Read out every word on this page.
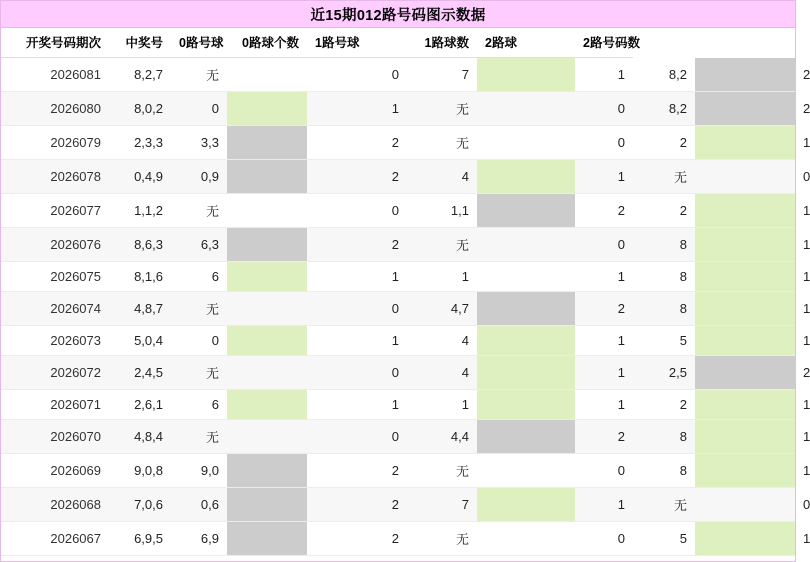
近15期012路号码图示数据
开奖号码期次	中奖号	0路号球	0路球个数	1路号球	1路球数	2路球	2路号码数			
2026081	8,2,7	无		0	7		1	8,2		2
2026080	8,0,2	0		1	无		0	8,2		2
2026079	2,3,3	3,3		2	无		0	2		1
2026078	0,4,9	0,9		2	4		1	无		0
2026077	1,1,2	无		0	1,1		2	2		1
2026076	8,6,3	6,3		2	无		0	8		1
2026075	8,1,6	6		1	1		1	8		1
2026074	4,8,7	无		0	4,7		2	8		1
2026073	5,0,4	0		1	4		1	5		1
2026072	2,4,5	无		0	4		1	2,5		2
2026071	2,6,1	6		1	1		1	2		1
2026070	4,8,4	无		0	4,4		2	8		1
2026069	9,0,8	9,0		2	无		0	8		1
2026068	7,0,6	0,6		2	7		1	无		0
2026067	6,9,5	6,9		2	无		0	5		1
